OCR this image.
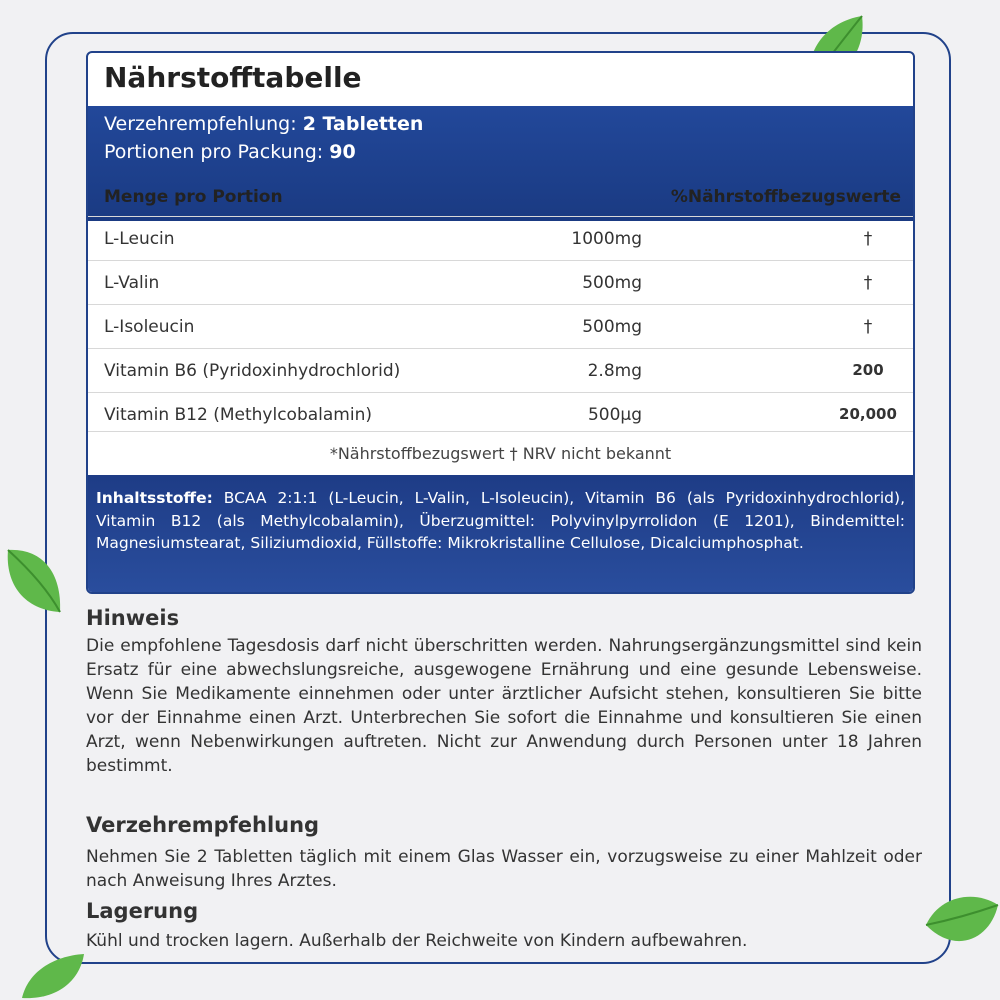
Nährstofftabelle
Verzehrempfehlung: 2 Tabletten
Portionen pro Packung: 90
Menge pro Portion	%Nährstoffbezugswerte
L-Leucin	1000mg	†
L-Valin	500mg	†
L-Isoleucin	500mg	†
Vitamin B6 (Pyridoxinhydrochlorid)	2.8mg	200
Vitamin B12 (Methylcobalamin)	500µg	20,000
*Nährstoffbezugswert † NRV nicht bekannt
Inhaltsstoffe: BCAA 2:1:1 (L-Leucin, L-Valin, L-Isoleucin), Vitamin B6 (als Pyridoxinhydrochlorid), Vitamin B12 (als Methylcobalamin), Überzugmittel: Polyvinylpyrrolidon (E 1201), Bindemittel: Magnesiumstearat, Siliziumdioxid, Füllstoffe: Mikrokristalline Cellulose, Dicalciumphosphat.
Hinweis

Die empfohlene Tagesdosis darf nicht überschritten werden. Nahrungsergänzungsmittel sind kein Ersatz für eine abwechslungsreiche, ausgewogene Ernährung und eine gesunde Lebensweise. Wenn Sie Medikamente einnehmen oder unter ärztlicher Aufsicht stehen, konsultieren Sie bitte vor der Einnahme einen Arzt. Unterbrechen Sie sofort die Einnahme und konsultieren Sie einen Arzt, wenn Nebenwirkungen auftreten. Nicht zur Anwendung durch Personen unter 18 Jahren bestimmt.

Verzehrempfehlung

Nehmen Sie 2 Tabletten täglich mit einem Glas Wasser ein, vorzugsweise zu einer Mahlzeit oder nach Anweisung Ihres Arztes.

Lagerung

Kühl und trocken lagern. Außerhalb der Reichweite von Kindern aufbewahren.
